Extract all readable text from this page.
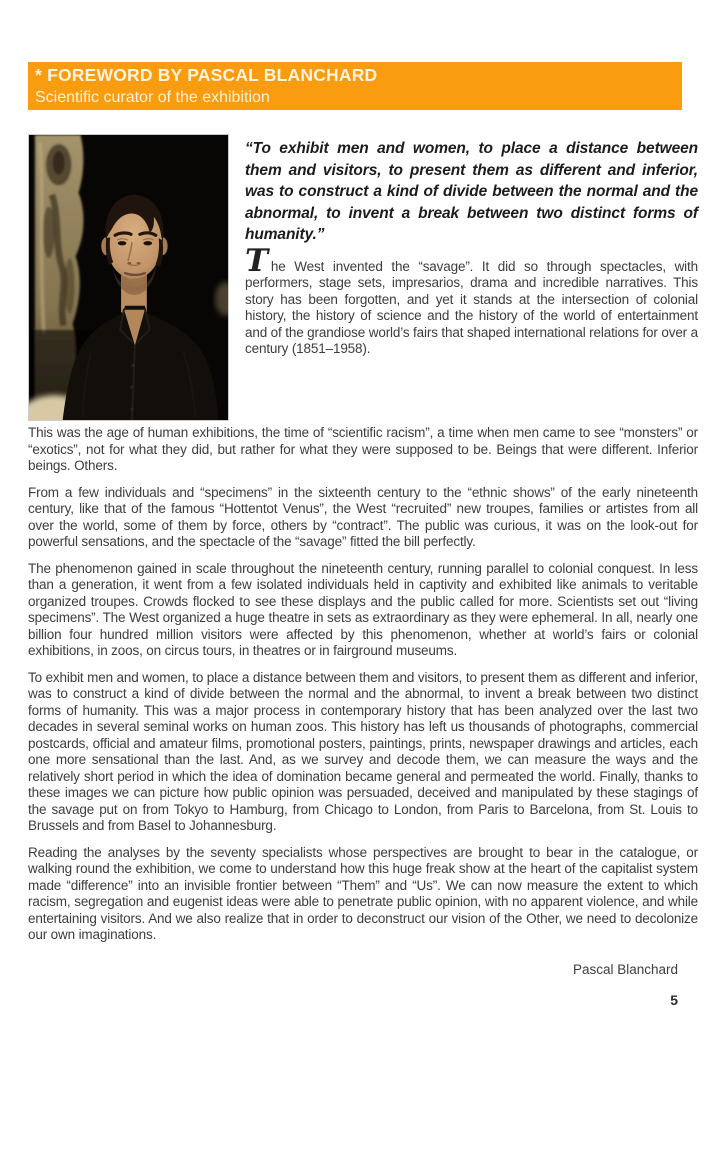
* FOREWORD BY PASCAL BLANCHARD
Scientific curator of the exhibition

“To exhibit men and women, to place a distance between them and visitors, to present them as different and inferior, was to construct a kind of divide between the normal and the abnormal, to invent a break between two distinct forms of humanity.”

The West invented the “savage”. It did so through spectacles, with performers, stage sets, impresarios, drama and incredible narratives. This story has been forgotten, and yet it stands at the intersection of colonial history, the history of science and the history of the world of entertainment and of the grandiose world’s fairs that shaped international relations for over a century (1851–1958).

This was the age of human exhibitions, the time of “scientific racism”, a time when men came to see “monsters” or “exotics”, not for what they did, but rather for what they were supposed to be. Beings that were different. Inferior beings. Others.

From a few individuals and “specimens” in the sixteenth century to the “ethnic shows” of the early nineteenth century, like that of the famous “Hottentot Venus”, the West “recruited” new troupes, families or artistes from all over the world, some of them by force, others by “contract”. The public was curious, it was on the look-out for powerful sensations, and the spectacle of the “savage” fitted the bill perfectly.

The phenomenon gained in scale throughout the nineteenth century, running parallel to colonial conquest. In less than a generation, it went from a few isolated individuals held in captivity and exhibited like animals to veritable organized troupes. Crowds flocked to see these displays and the public called for more. Scientists set out “living specimens”. The West organized a huge theatre in sets as extraordinary as they were ephemeral. In all, nearly one billion four hundred million visitors were affected by this phenomenon, whether at world’s fairs or colonial exhibitions, in zoos, on circus tours, in theatres or in fairground museums.

To exhibit men and women, to place a distance between them and visitors, to present them as different and inferior, was to construct a kind of divide between the normal and the abnormal, to invent a break between two distinct forms of humanity. This was a major process in contemporary history that has been analyzed over the last two decades in several seminal works on human zoos. This history has left us thousands of photographs, commercial postcards, official and amateur films, promotional posters, paintings, prints, newspaper drawings and articles, each one more sensational than the last. And, as we survey and decode them, we can measure the ways and the relatively short period in which the idea of domination became general and permeated the world. Finally, thanks to these images we can picture how public opinion was persuaded, deceived and manipulated by these stagings of the savage put on from Tokyo to Hamburg, from Chicago to London, from Paris to Barcelona, from St. Louis to Brussels and from Basel to Johannesburg.

Reading the analyses by the seventy specialists whose perspectives are brought to bear in the catalogue, or walking round the exhibition, we come to understand how this huge freak show at the heart of the capitalist system made “difference” into an invisible frontier between “Them” and “Us”. We can now measure the extent to which racism, segregation and eugenist ideas were able to penetrate public opinion, with no apparent violence, and while entertaining visitors. And we also realize that in order to deconstruct our vision of the Other, we need to decolonize our own imaginations.

Pascal Blanchard
5
